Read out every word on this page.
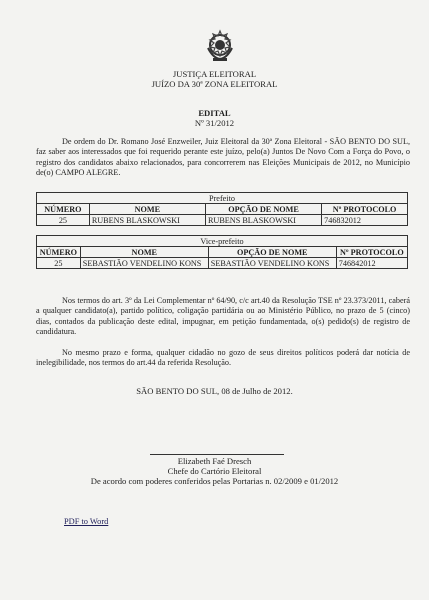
JUSTIÇA ELEITORAL
JUÍZO DA 30ª ZONA ELEITORAL
EDITAL
Nº 31/2012
De ordem do Dr. Romano José Enzweiler, Juiz Eleitoral da 30ª Zona Eleitoral - SÃO BENTO DO SUL, faz saber aos interessados que foi requerido perante este juízo, pelo(a) Juntos De Novo Com a Força do Povo, o registro dos candidatos abaixo relacionados, para concorrerem nas Eleições Municipais de 2012, no Município de(o) CAMPO ALEGRE.
Prefeito			
NÚMERO	NOME	OPÇÃO DE NOME	Nº PROTOCOLO
25	RUBENS BLASKOWSKI	RUBENS BLASKOWSKI	746832012
Vice-prefeito			
NÚMERO	NOME	OPÇÃO DE NOME	Nº PROTOCOLO
25	SEBASTIÃO VENDELINO KONS	SEBASTIÃO VENDELINO KONS	746842012
Nos termos do art. 3º da Lei Complementar nº 64/90, c/c art.40 da Resolução TSE nº 23.373/2011, caberá a qualquer candidato(a), partido político, coligação partidária ou ao Ministério Público, no prazo de 5 (cinco) dias, contados da publicação deste edital, impugnar, em petição fundamentada, o(s) pedido(s) de registro de candidatura.
No mesmo prazo e forma, qualquer cidadão no gozo de seus direitos políticos poderá dar notícia de inelegibilidade, nos termos do art.44 da referida Resolução.
SÃO BENTO DO SUL, 08 de Julho de 2012.
Elizabeth Faé Dresch
Chefe do Cartório Eleitoral
De acordo com poderes conferidos pelas Portarias n. 02/2009 e 01/2012
PDF to Word
